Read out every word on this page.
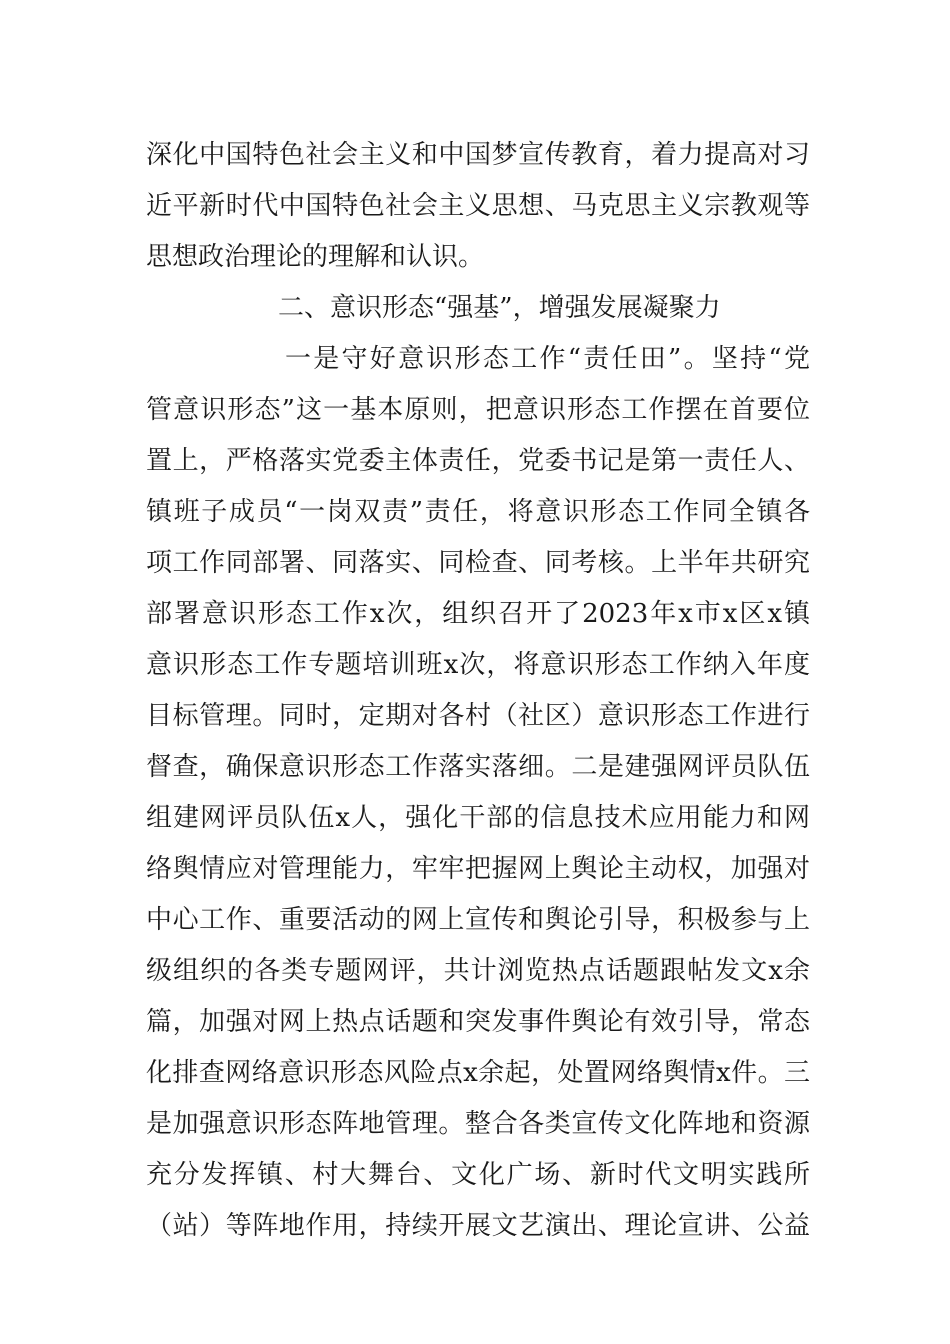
深化中国特色社会主义和中国梦宣传教育，着力提高对习
近平新时代中国特色社会主义思想、马克思主义宗教观等
思想政治理论的理解和认识。
二、意识形态“强基”，增强发展凝聚力
一是守好意识形态工作“责任田”。坚持“党
管意识形态”这一基本原则，把意识形态工作摆在首要位
置上，严格落实党委主体责任，党委书记是第一责任人、
镇班子成员“一岗双责”责任，将意识形态工作同全镇各
项工作同部署、同落实、同检查、同考核。上半年共研究
部署意识形态工作x次，组织召开了2023年x市x区x镇
意识形态工作专题培训班x次，将意识形态工作纳入年度
目标管理。同时，定期对各村（社区）意识形态工作进行
督查，确保意识形态工作落实落细。二是建强网评员队伍
组建网评员队伍x人，强化干部的信息技术应用能力和网
络舆情应对管理能力，牢牢把握网上舆论主动权，加强对
中心工作、重要活动的网上宣传和舆论引导，积极参与上
级组织的各类专题网评，共计浏览热点话题跟帖发文x余
篇，加强对网上热点话题和突发事件舆论有效引导，常态
化排查网络意识形态风险点x余起，处置网络舆情x件。三
是加强意识形态阵地管理。整合各类宣传文化阵地和资源
充分发挥镇、村大舞台、文化广场、新时代文明实践所
（站）等阵地作用，持续开展文艺演出、理论宣讲、公益
